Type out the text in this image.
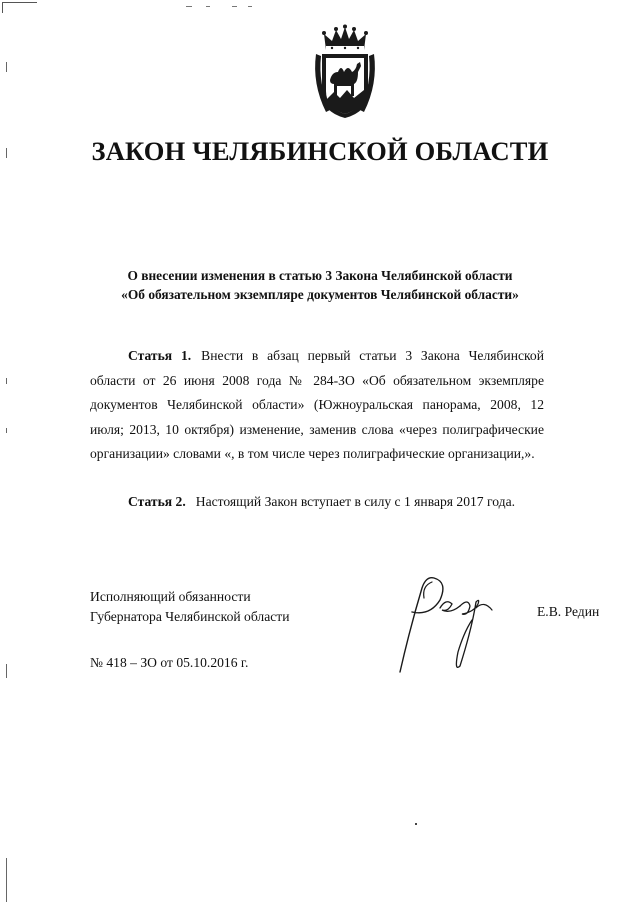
ЗАКОН ЧЕЛЯБИНСКОЙ ОБЛАСТИ
О внесении изменения в статью 3 Закона Челябинской области
«Об обязательном экземпляре документов Челябинской области»

Статья 1. Внести в абзац первый статьи 3 Закона Челябинской области от 26 июня 2008 года № 284-ЗО «Об обязательном экземпляре документов Челябинской области» (Южноуральская панорама, 2008, 12 июля; 2013, 10 октября) изменение, заменив слова «через полиграфические организации» словами «, в том числе через полиграфические организации,».

Статья 2. Настоящий Закон вступает в силу с 1 января 2017 года.

Исполняющий обязанности
Губернатора Челябинской области	Е.В. Редин
№ 418 – ЗО от 05.10.2016 г.
